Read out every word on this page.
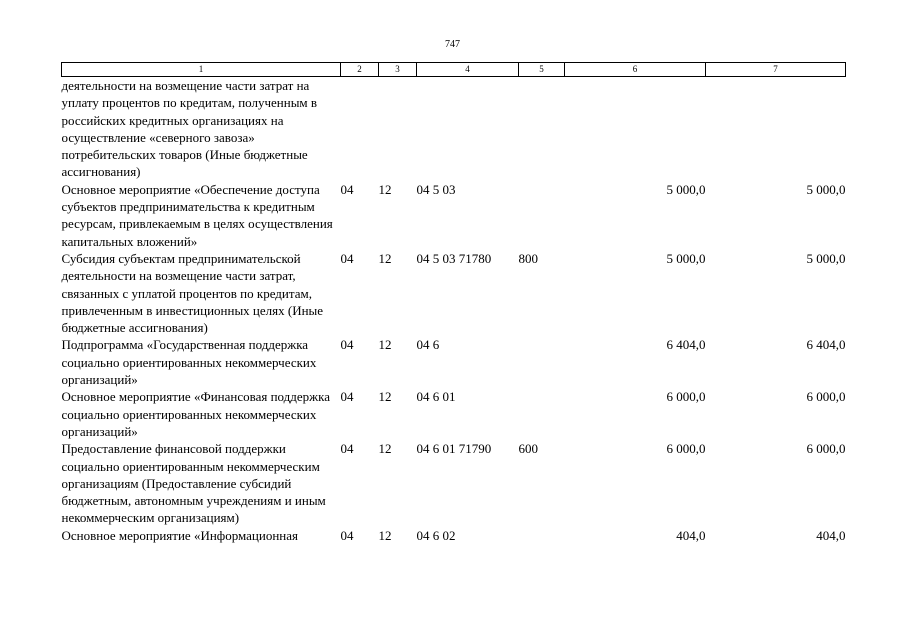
747
1	2	3	4	5	6	7
деятельности на возмещение части затрат на уплату процентов по кредитам, полученным в российских кредитных организациях на осуществление «северного завоза» потребительских товаров (Иные бюджетные ассигнования)						
Основное мероприятие «Обеспечение доступа субъектов предпринимательства к кредитным ресурсам, привлекаемым в целях осуществления капитальных вложений»	04	12	04 5 03		5 000,0	5 000,0
Субсидия субъектам предпринимательской деятельности на возмещение части затрат, связанных с уплатой процентов по кредитам, привлеченным в инвестиционных целях (Иные бюджетные ассигнования)	04	12	04 5 03 71780	800	5 000,0	5 000,0
Подпрограмма «Государственная поддержка социально ориентированных некоммерческих организаций»	04	12	04 6		6 404,0	6 404,0
Основное мероприятие «Финансовая поддержка социально ориентированных некоммерческих организаций»	04	12	04 6 01		6 000,0	6 000,0
Предоставление финансовой поддержки социально ориентированным некоммерческим организациям (Предоставление субсидий бюджетным, автономным учреждениям и иным некоммерческим организациям)	04	12	04 6 01 71790	600	6 000,0	6 000,0
Основное мероприятие «Информационная	04	12	04 6 02		404,0	404,0
